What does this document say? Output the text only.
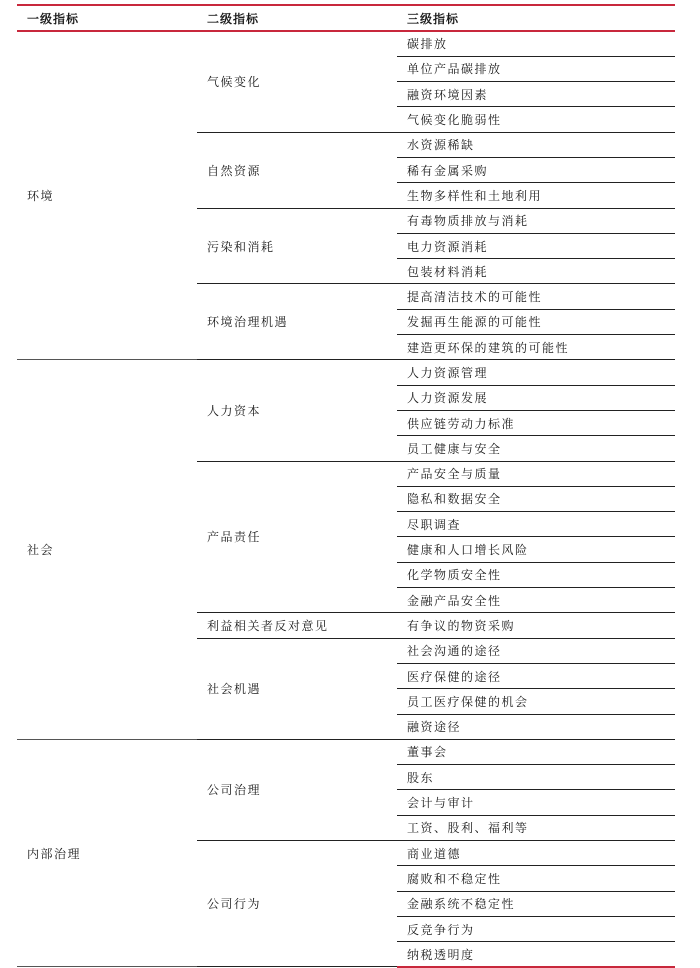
一级指标	二级指标	三级指标
环境	气候变化	碳排放
		单位产品碳排放
		融资环境因素
		气候变化脆弱性
	自然资源	水资源稀缺
		稀有金属采购
		生物多样性和土地利用
	污染和消耗	有毒物质排放与消耗
		电力资源消耗
		包装材料消耗
	环境治理机遇	提高清洁技术的可能性
		发掘再生能源的可能性
		建造更环保的建筑的可能性
社会	人力资本	人力资源管理
		人力资源发展
		供应链劳动力标准
		员工健康与安全
	产品责任	产品安全与质量
		隐私和数据安全
		尽职调查
		健康和人口增长风险
		化学物质安全性
		金融产品安全性
	利益相关者反对意见	有争议的物资采购
	社会机遇	社会沟通的途径
		医疗保健的途径
		员工医疗保健的机会
		融资途径
内部治理	公司治理	董事会
		股东
		会计与审计
		工资、股利、福利等
	公司行为	商业道德
		腐败和不稳定性
		金融系统不稳定性
		反竞争行为
		纳税透明度
